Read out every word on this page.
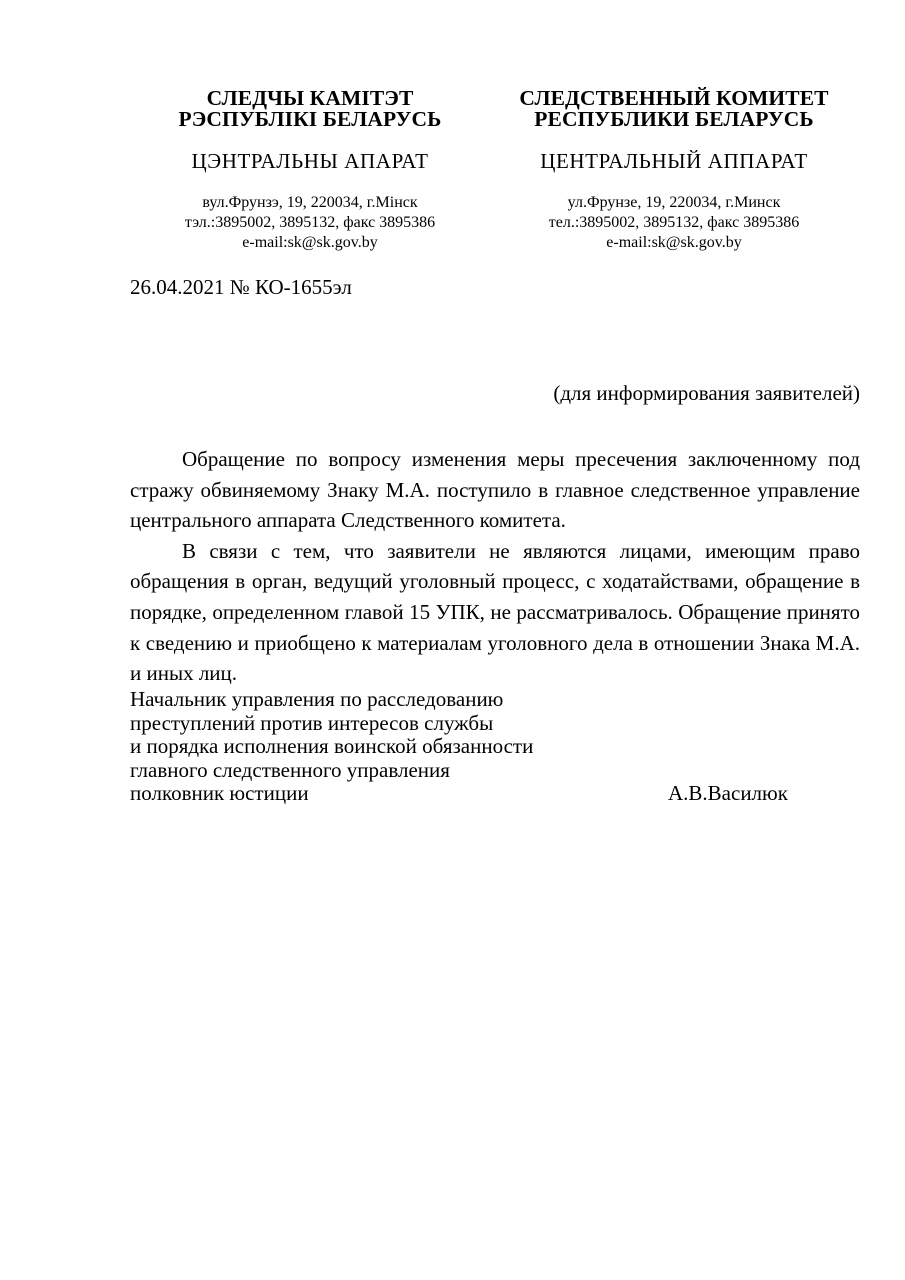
СЛЕДЧЫ КАМІТЭТ
РЭСПУБЛІКІ БЕЛАРУСЬ
ЦЭНТРАЛЬНЫ АПАРАТ
вул.Фрунзэ, 19, 220034, г.Мінск
тэл.:3895002, 3895132, факс 3895386
e-mail:sk@sk.gov.by
СЛЕДСТВЕННЫЙ КОМИТЕТ
РЕСПУБЛИКИ БЕЛАРУСЬ
ЦЕНТРАЛЬНЫЙ АППАРАТ
ул.Фрунзе, 19, 220034, г.Минск
тел.:3895002, 3895132, факс 3895386
e-mail:sk@sk.gov.by
26.04.2021 № КО-1655эл
(для информирования заявителей)

Обращение по вопросу изменения меры пресечения заключенному под стражу обвиняемому Знаку М.А. поступило в главное следственное управление центрального аппарата Следственного комитета.

В связи с тем, что заявители не являются лицами, имеющим право обращения в орган, ведущий уголовный процесс, с ходатайствами, обращение в порядке, определенном главой 15 УПК, не рассматривалось. Обращение принято к сведению и приобщено к материалам уголовного дела в отношении Знака М.А. и иных лиц.

Начальник управления по расследованию
преступлений против интересов службы
и порядка исполнения воинской обязанности
главного следственного управления
полковник юстиции	А.В.Василюк
